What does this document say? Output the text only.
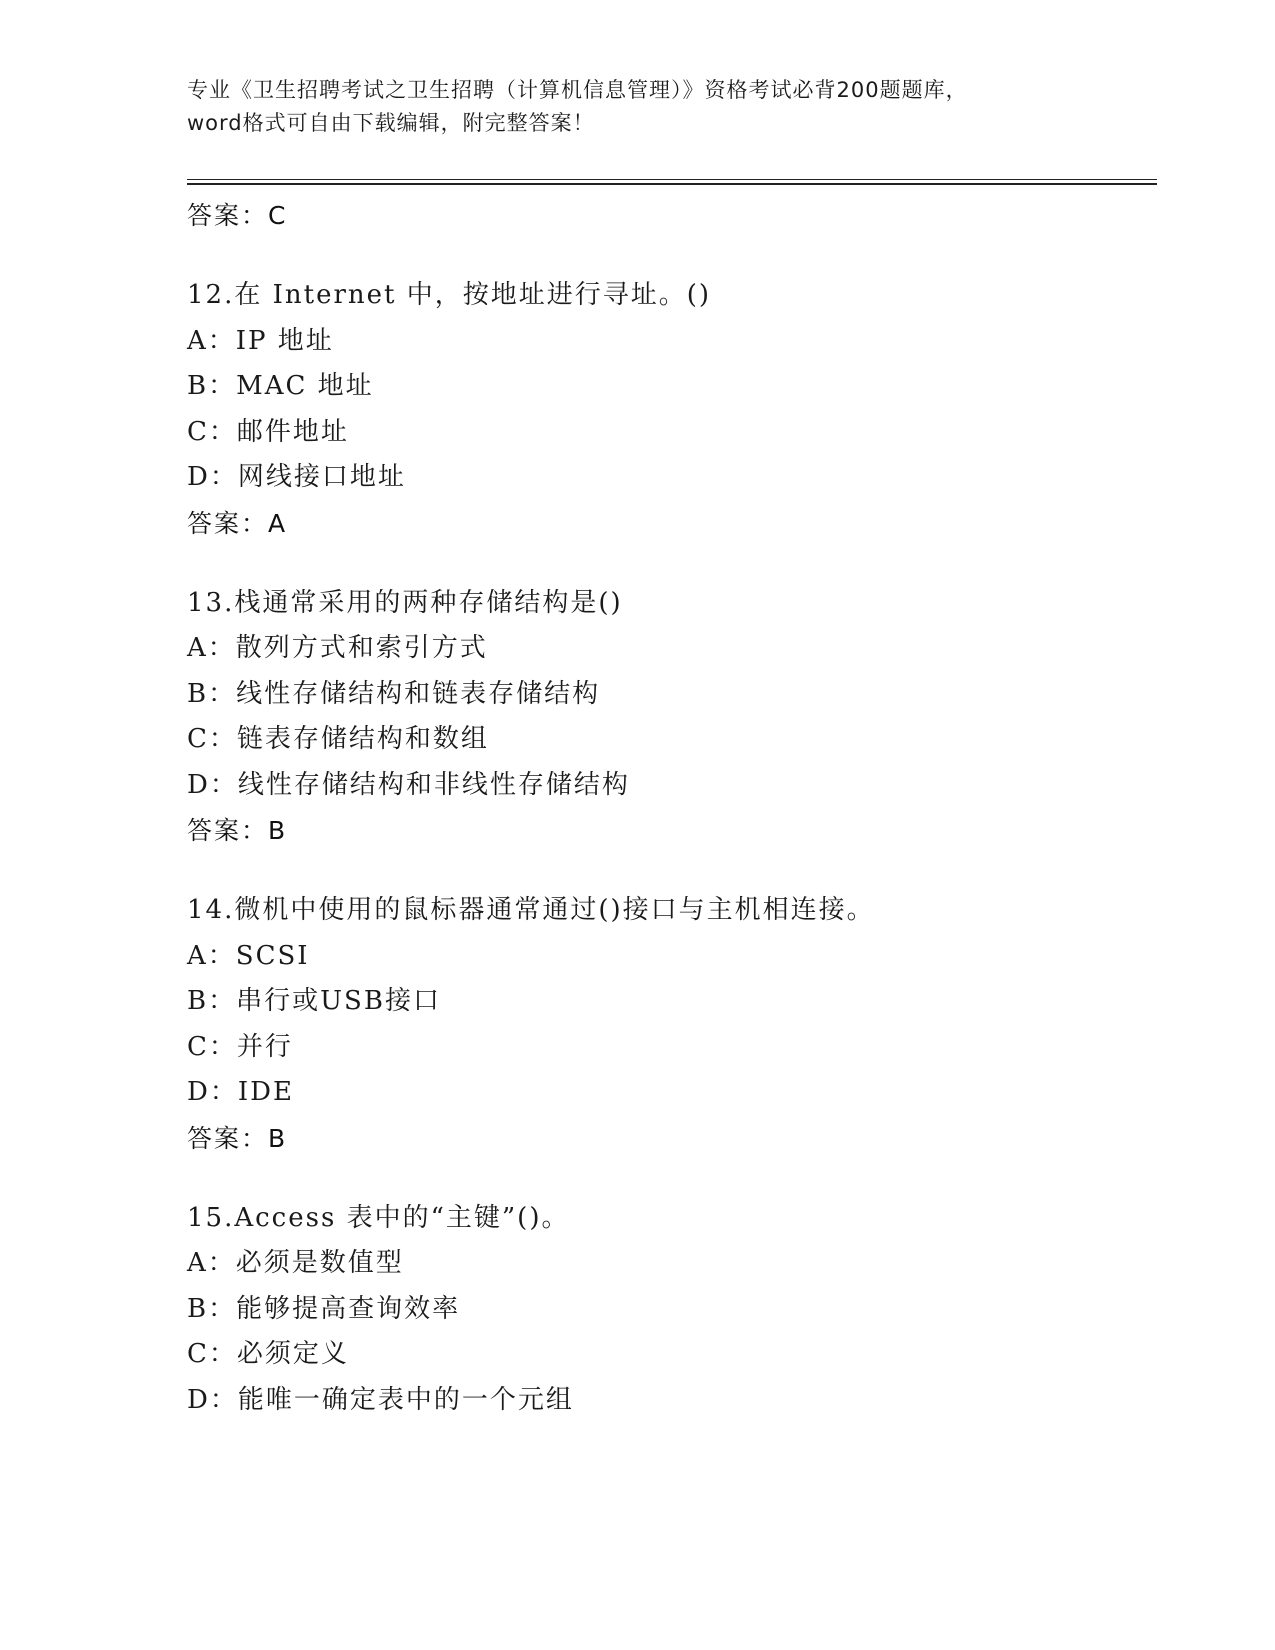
专业《卫生招聘考试之卫生招聘（计算机信息管理）》资格考试必背200题题库，
word格式可自由下载编辑，附完整答案！
答案：C
12.在 Internet 中，按地址进行寻址。()
A：IP 地址
B：MAC 地址
C：邮件地址
D：网线接口地址
答案：A
13.栈通常采用的两种存储结构是()
A：散列方式和索引方式
B：线性存储结构和链表存储结构
C：链表存储结构和数组
D：线性存储结构和非线性存储结构
答案：B
14.微机中使用的鼠标器通常通过()接口与主机相连接。
A：SCSI
B：串行或USB接口
C：并行
D：IDE
答案：B
15.Access 表中的“主键”()。
A：必须是数值型
B：能够提高查询效率
C：必须定义
D：能唯一确定表中的一个元组
